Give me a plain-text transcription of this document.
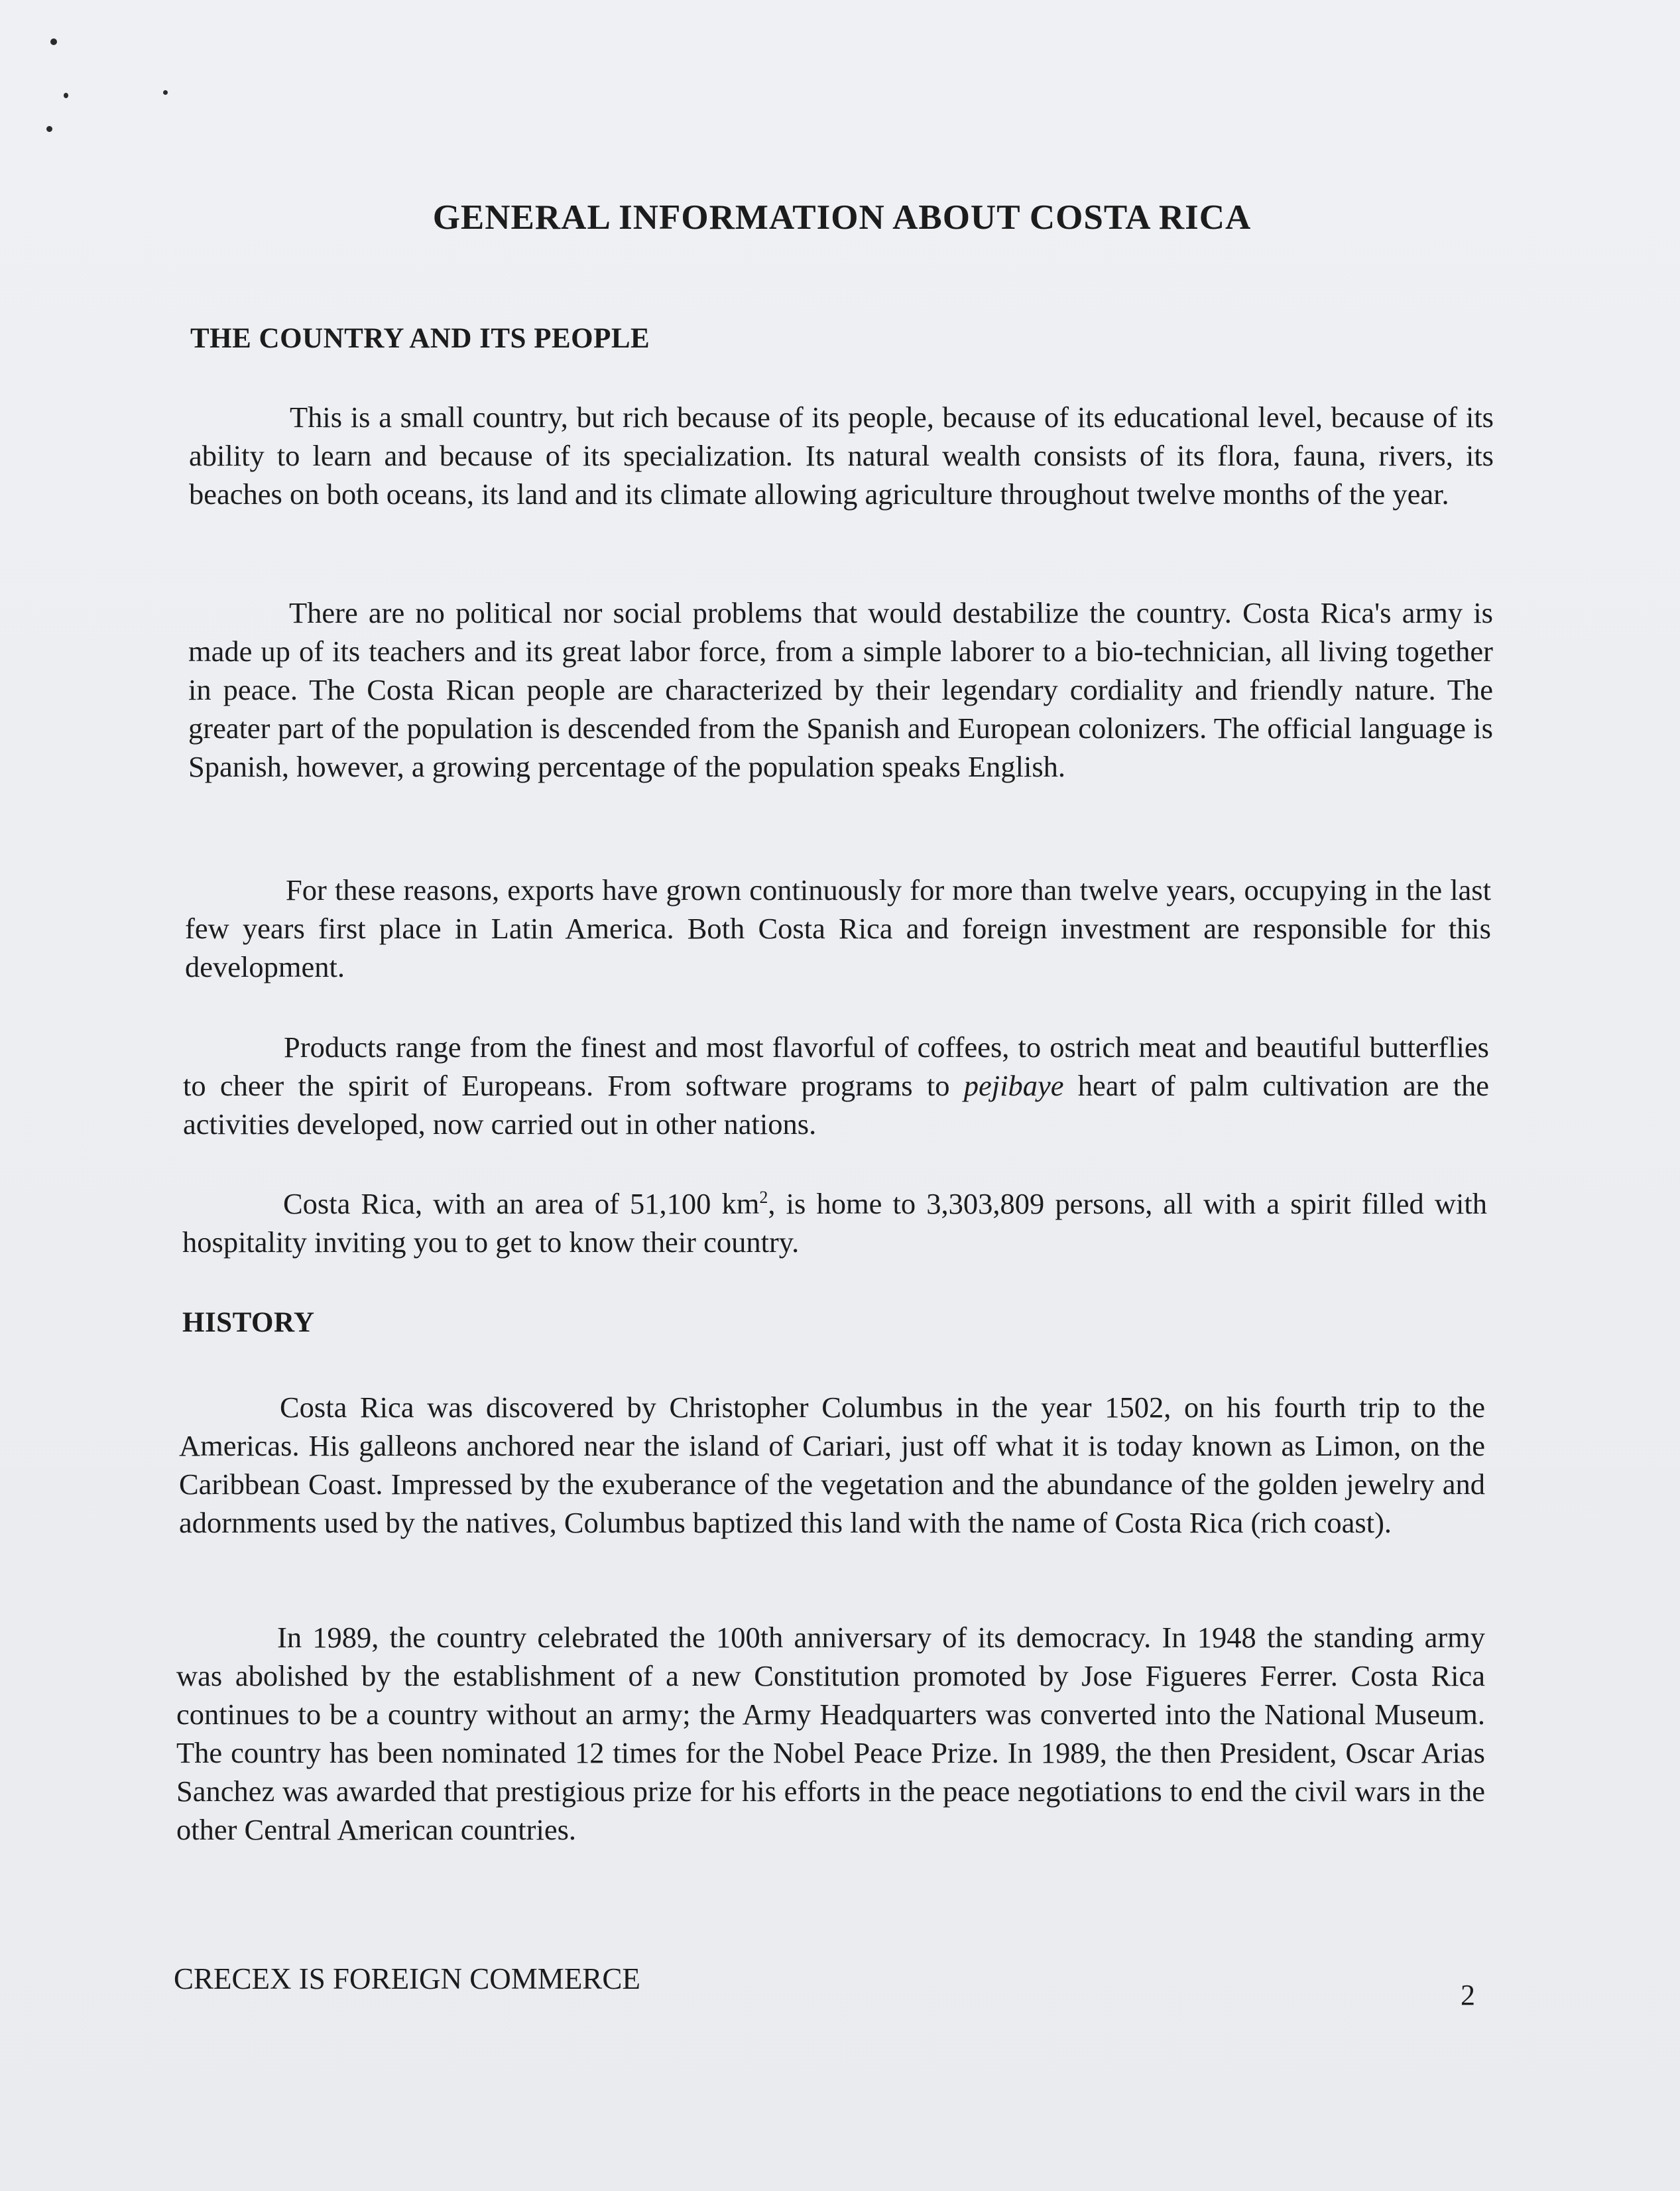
GENERAL INFORMATION ABOUT COSTA RICA
THE COUNTRY AND ITS PEOPLE

This is a small country, but rich because of its people, because of its educational level, because of its ability to learn and because of its specialization. Its natural wealth consists of its flora, fauna, rivers, its beaches on both oceans, its land and its climate allowing agriculture throughout twelve months of the year.

There are no political nor social problems that would destabilize the country. Costa Rica's army is made up of its teachers and its great labor force, from a simple laborer to a bio-technician, all living together in peace. The Costa Rican people are characterized by their legendary cordiality and friendly nature. The greater part of the population is descended from the Spanish and European colonizers. The official language is Spanish, however, a growing percentage of the population speaks English.

For these reasons, exports have grown continuously for more than twelve years, occupying in the last few years first place in Latin America. Both Costa Rica and foreign investment are responsible for this development.

Products range from the finest and most flavorful of coffees, to ostrich meat and beautiful butterflies to cheer the spirit of Europeans. From software programs to pejibaye heart of palm cultivation are the activities developed, now carried out in other nations.

Costa Rica, with an area of 51,100 $km^2$, is home to 3,303,809 persons, all with a spirit filled with hospitality inviting you to get to know their country.

HISTORY

Costa Rica was discovered by Christopher Columbus in the year 1502, on his fourth trip to the Americas. His galleons anchored near the island of Cariari, just off what it is today known as Limon, on the Caribbean Coast. Impressed by the exuberance of the vegetation and the abundance of the golden jewelry and adornments used by the natives, Columbus baptized this land with the name of Costa Rica (rich coast).

In 1989, the country celebrated the 100th anniversary of its democracy. In 1948 the standing army was abolished by the establishment of a new Constitution promoted by Jose Figueres Ferrer. Costa Rica continues to be a country without an army; the Army Headquarters was converted into the National Museum. The country has been nominated 12 times for the Nobel Peace Prize. In 1989, the then President, Oscar Arias Sanchez was awarded that prestigious prize for his efforts in the peace negotiations to end the civil wars in the other Central American countries.

CRECEX IS FOREIGN COMMERCE	2
